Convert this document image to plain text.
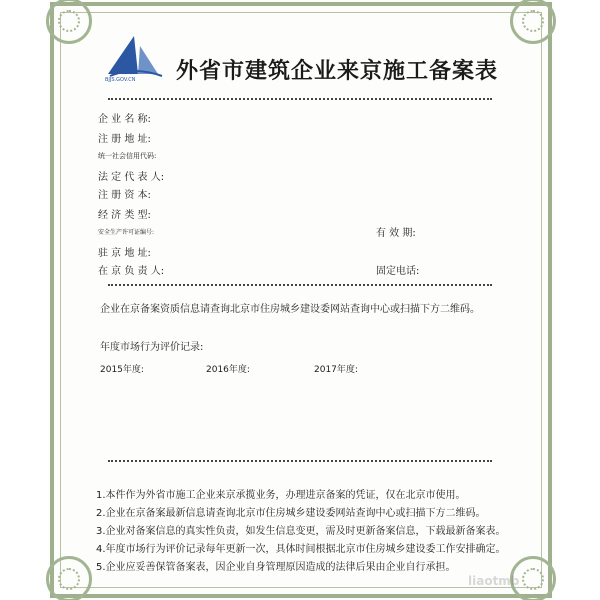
BJJS.GOV.CN 外省市建筑企业来京施工备案表
企 业 名 称:
注 册 地 址:
统一社会信用代码:
法 定 代 表 人:
注 册 资 本:
经 济 类 型:
安全生产许可证编号:	有 效 期:
驻 京 地 址:
在 京 负 责 人:	固定电话:
企业在京备案资质信息请查询北京市住房城乡建设委网站查询中心或扫描下方二维码。
年度市场行为评价记录:
2015年度:	2016年度:	2017年度:
1.本件作为外省市施工企业来京承揽业务，办理进京备案的凭证，仅在北京市使用。
2.企业在京备案最新信息请查询北京市住房城乡建设委网站查询中心或扫描下方二维码。
3.企业对备案信息的真实性负责，如发生信息变更，需及时更新备案信息，下载最新备案表。
4.年度市场行为评价记录每年更新一次，具体时间根据北京市住房城乡建设委工作安排确定。
5.企业应妥善保管备案表，因企业自身管理原因造成的法律后果由企业自行承担。
liaotmb
